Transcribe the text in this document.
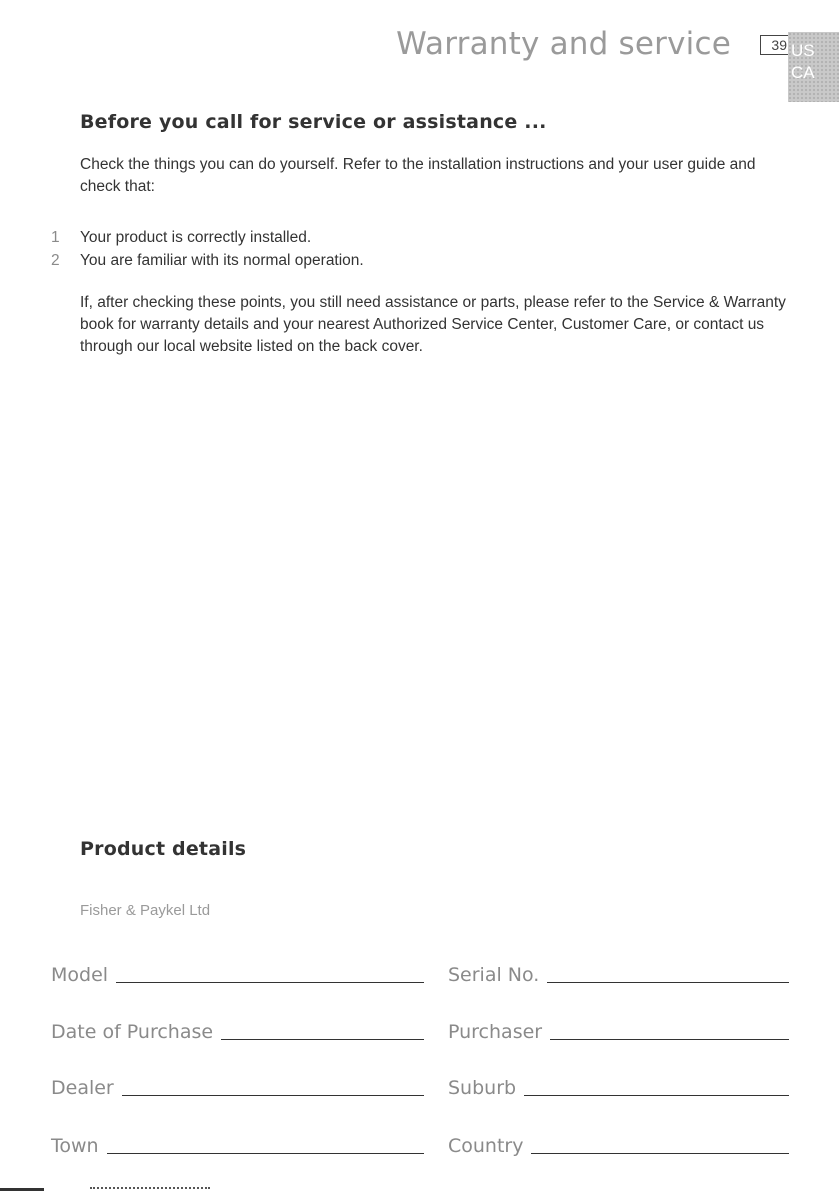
Warranty and service	39 US
CA
Before you call for service or assistance ...

Check the things you can do yourself. Refer to the installation instructions and your user guide and check that:

1	Your product is correctly installed.
2	You are familiar with its normal operation.

If, after checking these points, you still need assistance or parts, please refer to the Service & Warranty book for warranty details and your nearest Authorized Service Center, Customer Care, or contact us through our local website listed on the back cover.

Product details

Fisher & Paykel Ltd

Model	Serial No.
Date of Purchase	Purchaser
Dealer	Suburb
Town	Country
